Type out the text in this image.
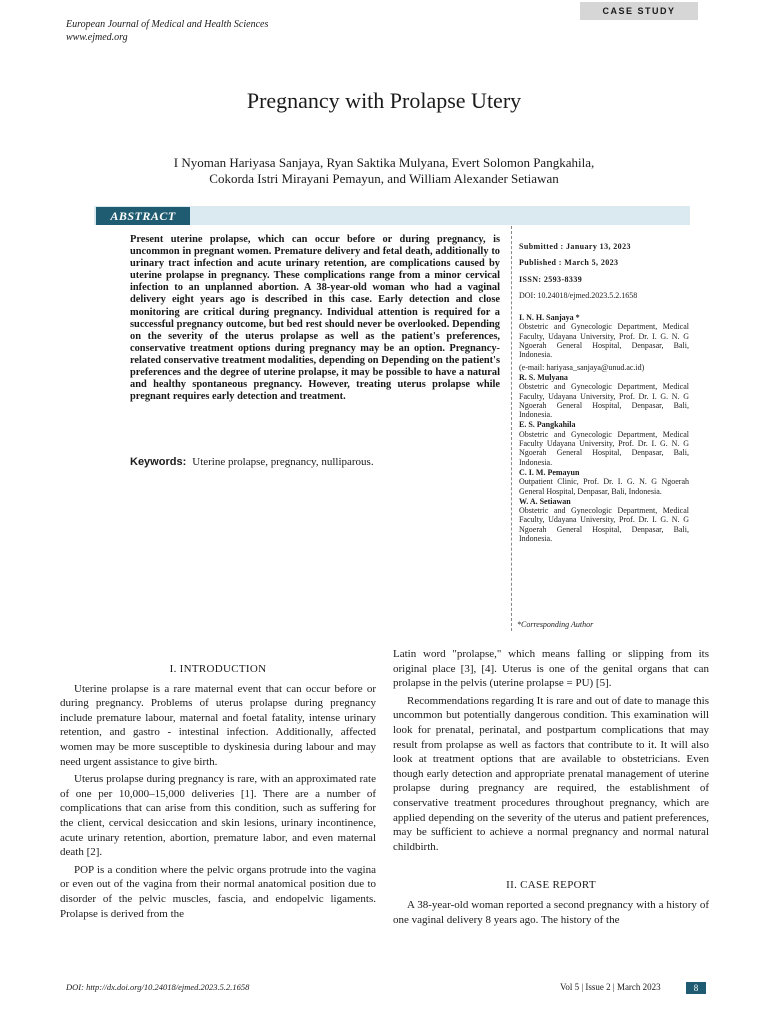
CASE STUDY
European Journal of Medical and Health Sciences
www.ejmed.org
Pregnancy with Prolapse Utery
I Nyoman Hariyasa Sanjaya, Ryan Saktika Mulyana, Evert Solomon Pangkahila,
Cokorda Istri Mirayani Pemayun, and William Alexander Setiawan
ABSTRACT
Present uterine prolapse, which can occur before or during pregnancy, is uncommon in pregnant women. Premature delivery and fetal death, additionally to urinary tract infection and acute urinary retention, are complications caused by uterine prolapse in pregnancy. These complications range from a minor cervical infection to an unplanned abortion. A 38-year-old woman who had a vaginal delivery eight years ago is described in this case. Early detection and close monitoring are critical during pregnancy. Individual attention is required for a successful pregnancy outcome, but bed rest should never be overlooked. Depending on the severity of the uterus prolapse as well as the patient's preferences, conservative treatment options during pregnancy may be an option. Pregnancy-related conservative treatment modalities, depending on Depending on the patient's preferences and the degree of uterine prolapse, it may be possible to have a natural and healthy spontaneous pregnancy. However, treating uterus prolapse while pregnant requires early detection and treatment.
Keywords: Uterine prolapse, pregnancy, nulliparous.
Submitted : January 13, 2023
Published : March 5, 2023
ISSN: 2593-8339
DOI: 10.24018/ejmed.2023.5.2.1658
I. N. H. Sanjaya *
Obstetric and Gynecologic Department, Medical Faculty, Udayana University, Prof. Dr. I. G. N. G Ngoerah General Hospital, Denpasar, Bali, Indonesia.
(e-mail: hariyasa_sanjaya@unud.ac.id)
R. S. Mulyana
Obstetric and Gynecologic Department, Medical Faculty, Udayana University, Prof. Dr. I. G. N. G Ngoerah General Hospital, Denpasar, Bali, Indonesia.
E. S. Pangkahila
Obstetric and Gynecologic Department, Medical Faculty Udayana University, Prof. Dr. I. G. N. G Ngoerah General Hospital, Denpasar, Bali, Indonesia.
C. I. M. Pemayun
Outpatient Clinic, Prof. Dr. I. G. N. G Ngoerah General Hospital, Denpasar, Bali, Indonesia.
W. A. Setiawan
Obstetric and Gynecologic Department, Medical Faculty, Udayana University, Prof. Dr. I. G. N. G Ngoerah General Hospital, Denpasar, Bali, Indonesia.
*Corresponding Author
I. INTRODUCTION

Uterine prolapse is a rare maternal event that can occur before or during pregnancy. Problems of uterus prolapse during pregnancy include premature labour, maternal and foetal fatality, intense urinary retention, and gastro - intestinal infection. Additionally, affected women may be more susceptible to dyskinesia during labour and may need urgent assistance to give birth.

Uterus prolapse during pregnancy is rare, with an approximated rate of one per 10,000–15,000 deliveries [1]. There are a number of complications that can arise from this condition, such as suffering for the client, cervical desiccation and skin lesions, urinary incontinence, acute urinary retention, abortion, premature labor, and even maternal death [2].

POP is a condition where the pelvic organs protrude into the vagina or even out of the vagina from their normal anatomical position due to disorder of the pelvic muscles, fascia, and endopelvic ligaments. Prolapse is derived from the

Latin word "prolapse," which means falling or slipping from its original place [3], [4]. Uterus is one of the genital organs that can prolapse in the pelvis (uterine prolapse = PU) [5].

Recommendations regarding It is rare and out of date to manage this uncommon but potentially dangerous condition. This examination will look for prenatal, perinatal, and postpartum complications that may result from prolapse as well as factors that contribute to it. It will also look at treatment options that are available to obstetricians. Even though early detection and appropriate prenatal management of uterine prolapse during pregnancy are required, the establishment of conservative treatment procedures throughout pregnancy, which are applied depending on the severity of the uterus and patient preferences, may be sufficient to achieve a normal pregnancy and normal natural childbirth.

II. CASE REPORT

A 38-year-old woman reported a second pregnancy with a history of one vaginal delivery 8 years ago. The history of the

DOI: http://dx.doi.org/10.24018/ejmed.2023.5.2.1658	Vol 5 | Issue 2 | March 2023	8
